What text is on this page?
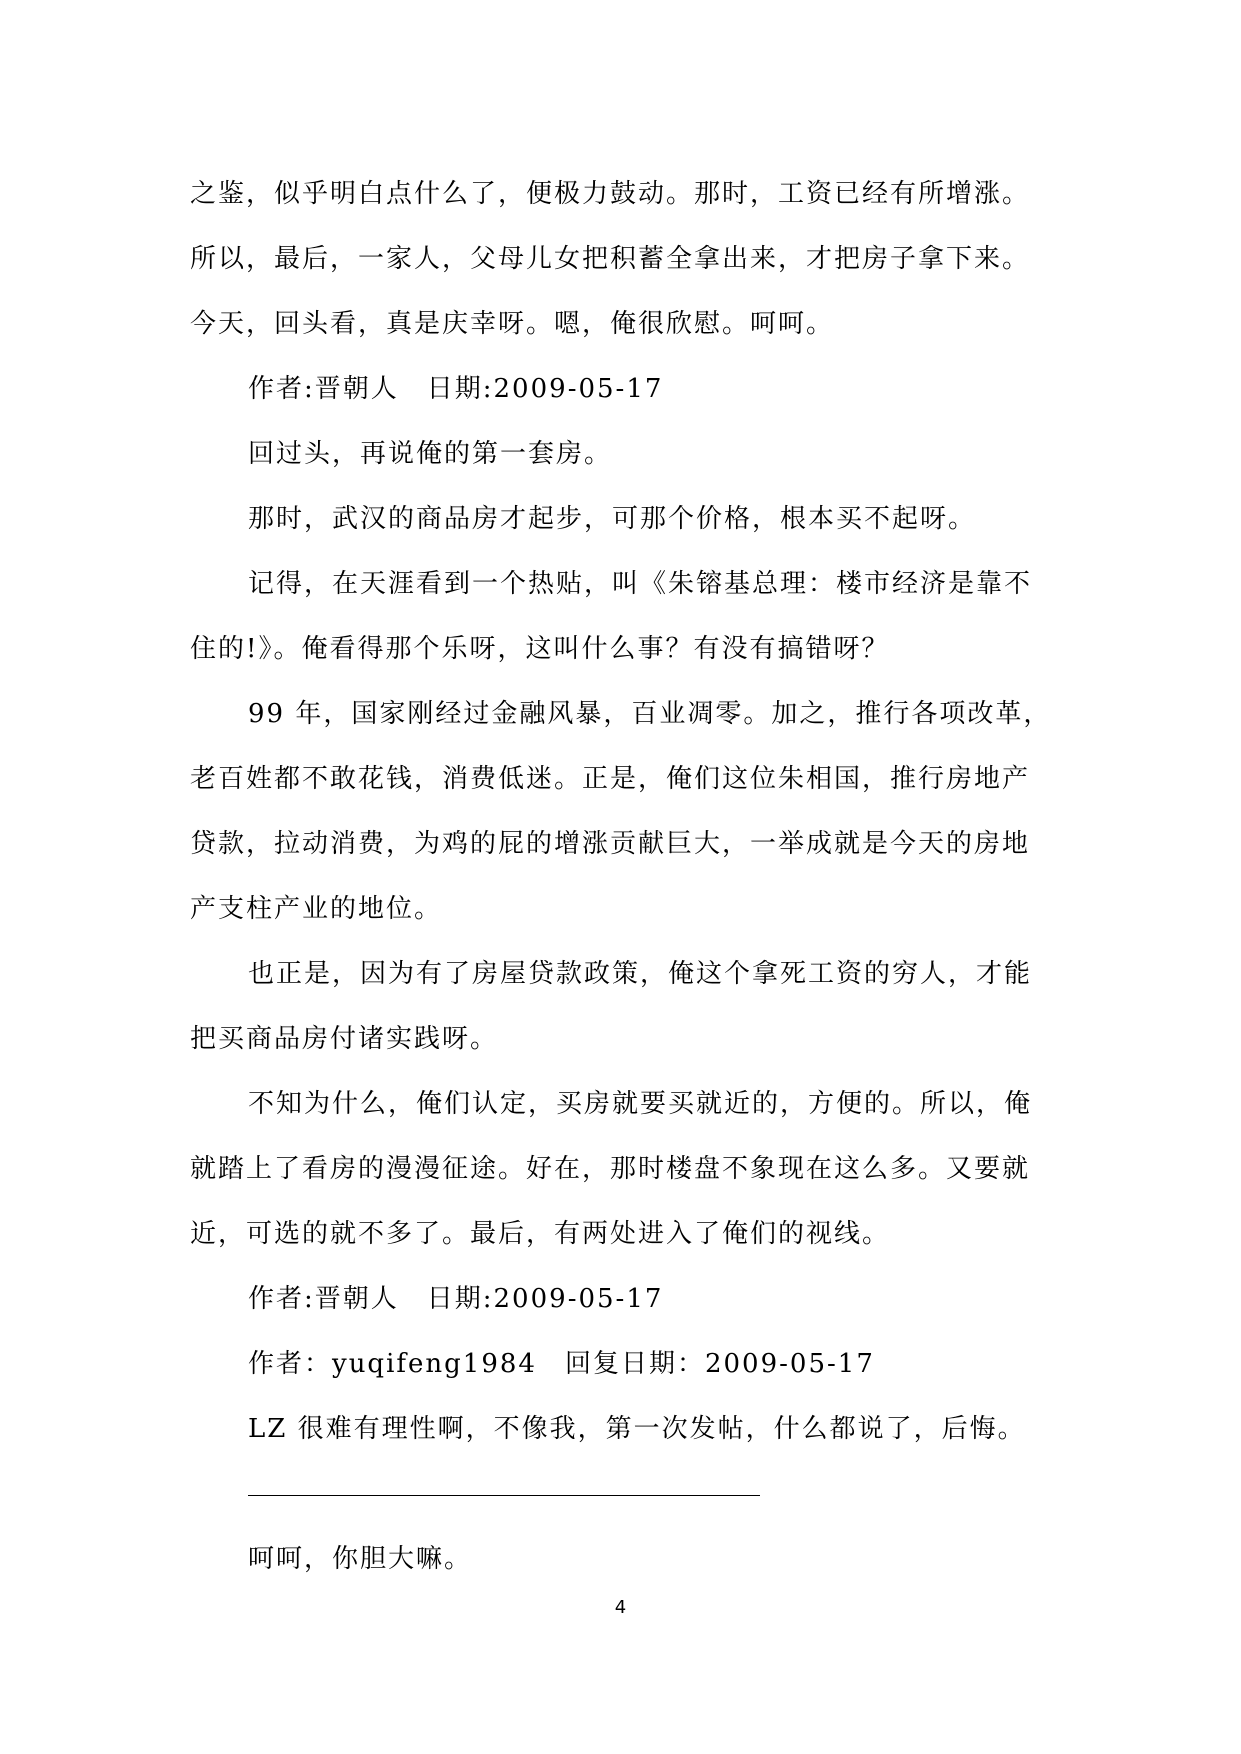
之鉴，似乎明白点什么了，便极力鼓动。那时，工资已经有所增涨。
所以，最后，一家人，父母儿女把积蓄全拿出来，才把房子拿下来。
今天，回头看，真是庆幸呀。嗯，俺很欣慰。呵呵。
作者:晋朝人　日期:2009-05-17
回过头，再说俺的第一套房。
那时，武汉的商品房才起步，可那个价格，根本买不起呀。
记得，在天涯看到一个热贴，叫《朱镕基总理：楼市经济是靠不
住的!》。俺看得那个乐呀，这叫什么事？有没有搞错呀？
99 年，国家刚经过金融风暴，百业凋零。加之，推行各项改革，
老百姓都不敢花钱，消费低迷。正是，俺们这位朱相国，推行房地产
贷款，拉动消费，为鸡的屁的增涨贡献巨大，一举成就是今天的房地
产支柱产业的地位。
也正是，因为有了房屋贷款政策，俺这个拿死工资的穷人，才能
把买商品房付诸实践呀。
不知为什么，俺们认定，买房就要买就近的，方便的。所以，俺
就踏上了看房的漫漫征途。好在，那时楼盘不象现在这么多。又要就
近，可选的就不多了。最后，有两处进入了俺们的视线。
作者:晋朝人　日期:2009-05-17
作者：yuqifeng1984　回复日期：2009-05-17
LZ 很难有理性啊，不像我，第一次发帖，什么都说了，后悔。
呵呵，你胆大嘛。
4
